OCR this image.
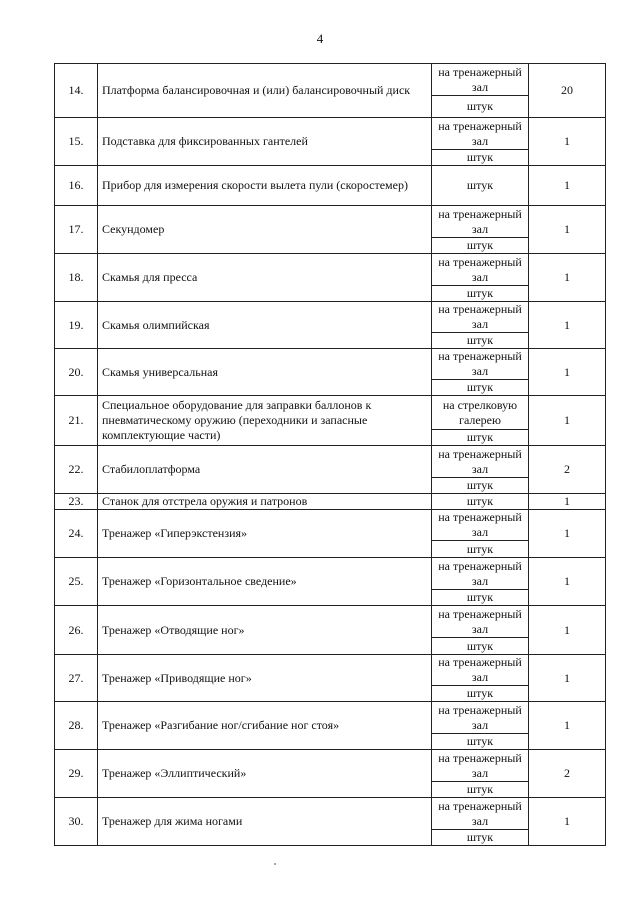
4
14.	Платформа балансировочная и (или) балансировочный диск	на тренажерный зал	20
		штук	
15.	Подставка для фиксированных гантелей	на тренажерный зал	1
		штук	
16.	Прибор для измерения скорости вылета пули (скоростемер)	штук	1
17.	Секундомер	на тренажерный зал	1
		штук	
18.	Скамья для пресса	на тренажерный зал	1
		штук	
19.	Скамья олимпийская	на тренажерный зал	1
		штук	
20.	Скамья универсальная	на тренажерный зал	1
		штук	
21.	Специальное оборудование для заправки баллонов к пневматическому оружию (переходники и запасные комплектующие части)	на стрелковую галерею	1
		штук	
22.	Стабилоплатформа	на тренажерный зал	2
		штук	
23.	Станок для отстрела оружия и патронов	штук	1
24.	Тренажер «Гиперэкстензия»	на тренажерный зал	1
		штук	
25.	Тренажер «Горизонтальное сведение»	на тренажерный зал	1
		штук	
26.	Тренажер «Отводящие ног»	на тренажерный зал	1
		штук	
27.	Тренажер «Приводящие ног»	на тренажерный зал	1
		штук	
28.	Тренажер «Разгибание ног/сгибание ног стоя»	на тренажерный зал	1
		штук	
29.	Тренажер «Эллиптический»	на тренажерный зал	2
		штук	
30.	Тренажер для жима ногами	на тренажерный зал	1
		штук	
